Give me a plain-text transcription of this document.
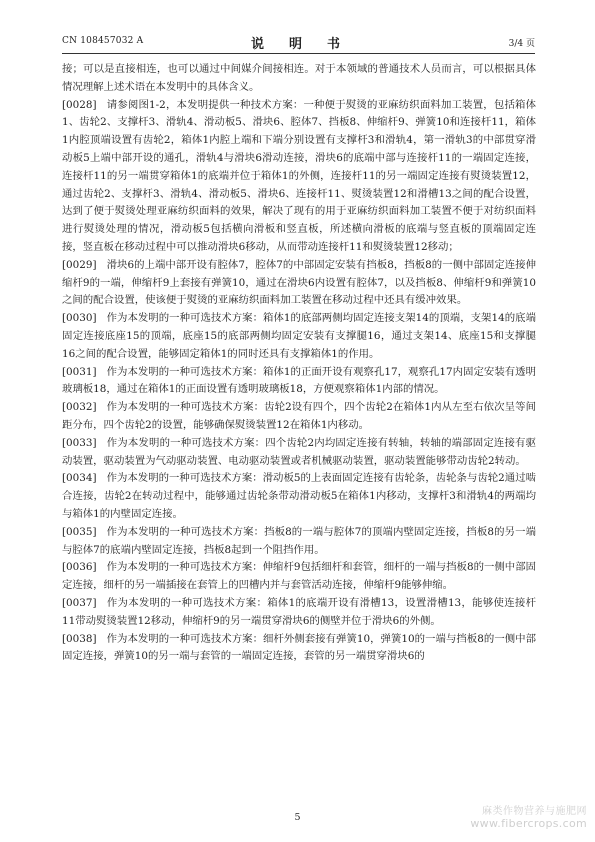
CN 108457032 A	说　明　书	3/4 页

接；可以是直接相连，也可以通过中间媒介间接相连。对于本领域的普通技术人员而言，可以根据具体情况理解上述术语在本发明中的具体含义。

[0028] 请参阅图1-2，本发明提供一种技术方案：一种便于熨烫的亚麻纺织面料加工装置，包括箱体1、齿轮2、支撑杆3、滑轨4、滑动板5、滑块6、腔体7、挡板8、伸缩杆9、弹簧10和连接杆11，箱体1内腔顶端设置有齿轮2，箱体1内腔上端和下端分别设置有支撑杆3和滑轨4，第一滑轨3的中部贯穿滑动板5上端中部开设的通孔，滑轨4与滑块6滑动连接，滑块6的底端中部与连接杆11的一端固定连接，连接杆11的另一端贯穿箱体1的底端并位于箱体1的外侧，连接杆11的另一端固定连接有熨烫装置12，通过齿轮2、支撑杆3、滑轨4、滑动板5、滑块6、连接杆11、熨烫装置12和滑槽13之间的配合设置，达到了便于熨烫处理亚麻纺织面料的效果，解决了现有的用于亚麻纺织面料加工装置不便于对纺织面料进行熨烫处理的情况，滑动板5包括横向滑板和竖直板，所述横向滑板的底端与竖直板的顶端固定连接，竖直板在移动过程中可以推动滑块6移动，从而带动连接杆11和熨烫装置12移动；

[0029] 滑块6的上端中部开设有腔体7，腔体7的中部固定安装有挡板8，挡板8的一侧中部固定连接伸缩杆9的一端，伸缩杆9上套接有弹簧10，通过在滑块6内设置有腔体7，以及挡板8、伸缩杆9和弹簧10之间的配合设置，使该便于熨烫的亚麻纺织面料加工装置在移动过程中还具有缓冲效果。

[0030] 作为本发明的一种可选技术方案：箱体1的底部两侧均固定连接支架14的顶端，支架14的底端固定连接底座15的顶端，底座15的底部两侧均固定安装有支撑腿16，通过支架14、底座15和支撑腿16之间的配合设置，能够固定箱体1的同时还具有支撑箱体1的作用。

[0031] 作为本发明的一种可选技术方案：箱体1的正面开设有观察孔17，观察孔17内固定安装有透明玻璃板18，通过在箱体1的正面设置有透明玻璃板18，方便观察箱体1内部的情况。

[0032] 作为本发明的一种可选技术方案：齿轮2设有四个，四个齿轮2在箱体1内从左至右依次呈等间距分布，四个齿轮2的设置，能够确保熨烫装置12在箱体1内移动。

[0033] 作为本发明的一种可选技术方案：四个齿轮2内均固定连接有转轴，转轴的端部固定连接有驱动装置，驱动装置为气动驱动装置、电动驱动装置或者机械驱动装置，驱动装置能够带动齿轮2转动。

[0034] 作为本发明的一种可选技术方案：滑动板5的上表面固定连接有齿轮条，齿轮条与齿轮2通过啮合连接，齿轮2在转动过程中，能够通过齿轮条带动滑动板5在箱体1内移动，支撑杆3和滑轨4的两端均与箱体1的内壁固定连接。

[0035] 作为本发明的一种可选技术方案：挡板8的一端与腔体7的顶端内壁固定连接，挡板8的另一端与腔体7的底端内壁固定连接，挡板8起到一个阻挡作用。

[0036] 作为本发明的一种可选技术方案：伸缩杆9包括细杆和套管，细杆的一端与挡板8的一侧中部固定连接，细杆的另一端插接在套管上的凹槽内并与套管活动连接，伸缩杆9能够伸缩。

[0037] 作为本发明的一种可选技术方案：箱体1的底端开设有滑槽13，设置滑槽13，能够使连接杆11带动熨烫装置12移动，伸缩杆9的另一端贯穿滑块6的侧壁并位于滑块6的外侧。

[0038] 作为本发明的一种可选技术方案：细杆外侧套接有弹簧10，弹簧10的一端与挡板8的一侧中部固定连接，弹簧10的另一端与套管的一端固定连接，套管的另一端贯穿滑块6的

5
麻类作物营养与施肥网
www.fibercrops.com
